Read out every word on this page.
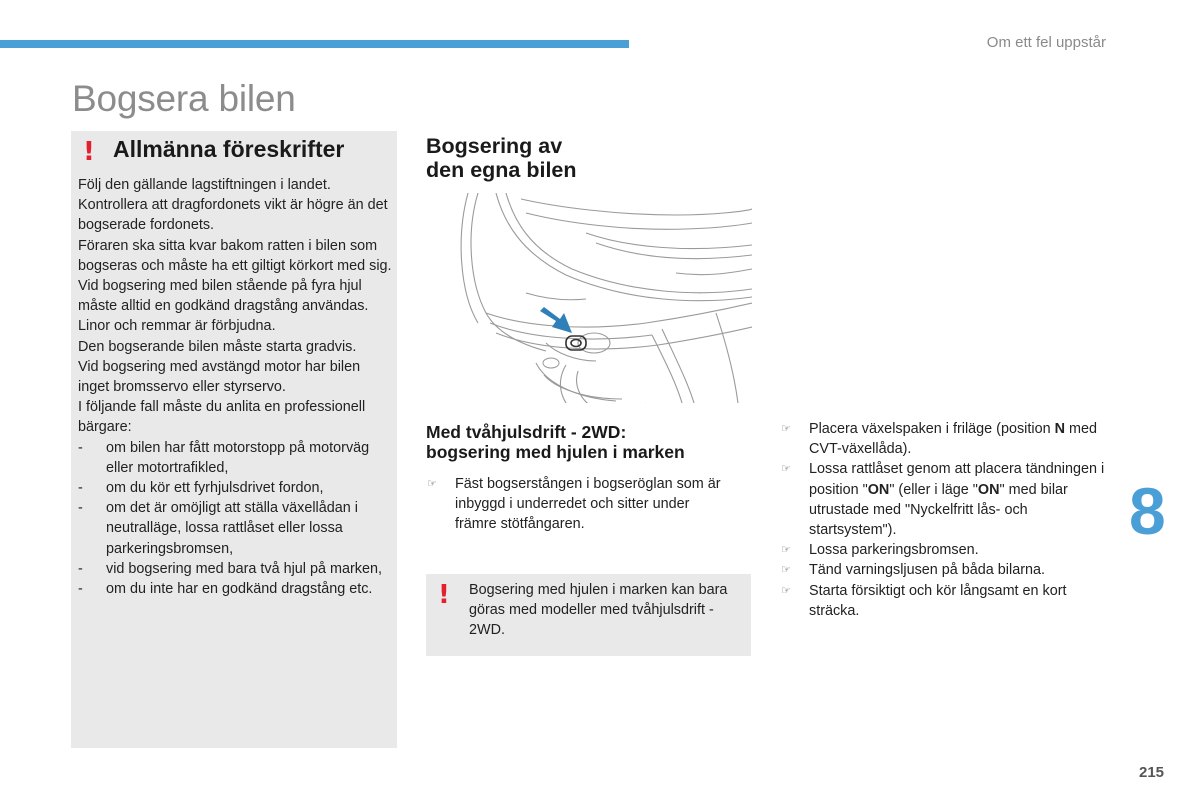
Om ett fel uppstår
Bogsera bilen
! Allmänna föreskrifter

Följ den gällande lagstiftningen i landet.

Kontrollera att dragfordonets vikt är högre än det bogserade fordonets.

Föraren ska sitta kvar bakom ratten i bilen som bogseras och måste ha ett giltigt körkort med sig.

Vid bogsering med bilen stående på fyra hjul måste alltid en godkänd dragstång användas. Linor och remmar är förbjudna.

Den bogserande bilen måste starta gradvis.

Vid bogsering med avstängd motor har bilen inget bromsservo eller styrservo.

I följande fall måste du anlita en professionell bärgare:

- om bilen har fått motorstopp på motorväg eller motortrafikled,
- om du kör ett fyrhjulsdrivet fordon,
- om det är omöjligt att ställa växellådan i neutralläge, lossa rattlåset eller lossa parkeringsbromsen,
- vid bogsering med bara två hjul på marken,
- om du inte har en godkänd dragstång etc.
Bogsering av
den egna bilen
Med tvåhjulsdrift - 2WD:
bogsering med hjulen i marken
☞ Fäst bogserstången i bogseröglan som är inbyggd i underredet och sitter under främre stötfångaren.
! Bogsering med hjulen i marken kan bara göras med modeller med tvåhjulsdrift - 2WD.
☞ Placera växelspaken i friläge (position N med CVT-växellåda).
☞ Lossa rattlåset genom att placera tändningen i position "ON" (eller i läge "ON" med bilar utrustade med "Nyckelfritt lås- och startsystem").
☞ Lossa parkeringsbromsen.
☞ Tänd varningsljusen på båda bilarna.
☞ Starta försiktigt och kör långsamt en kort sträcka.
8
215
